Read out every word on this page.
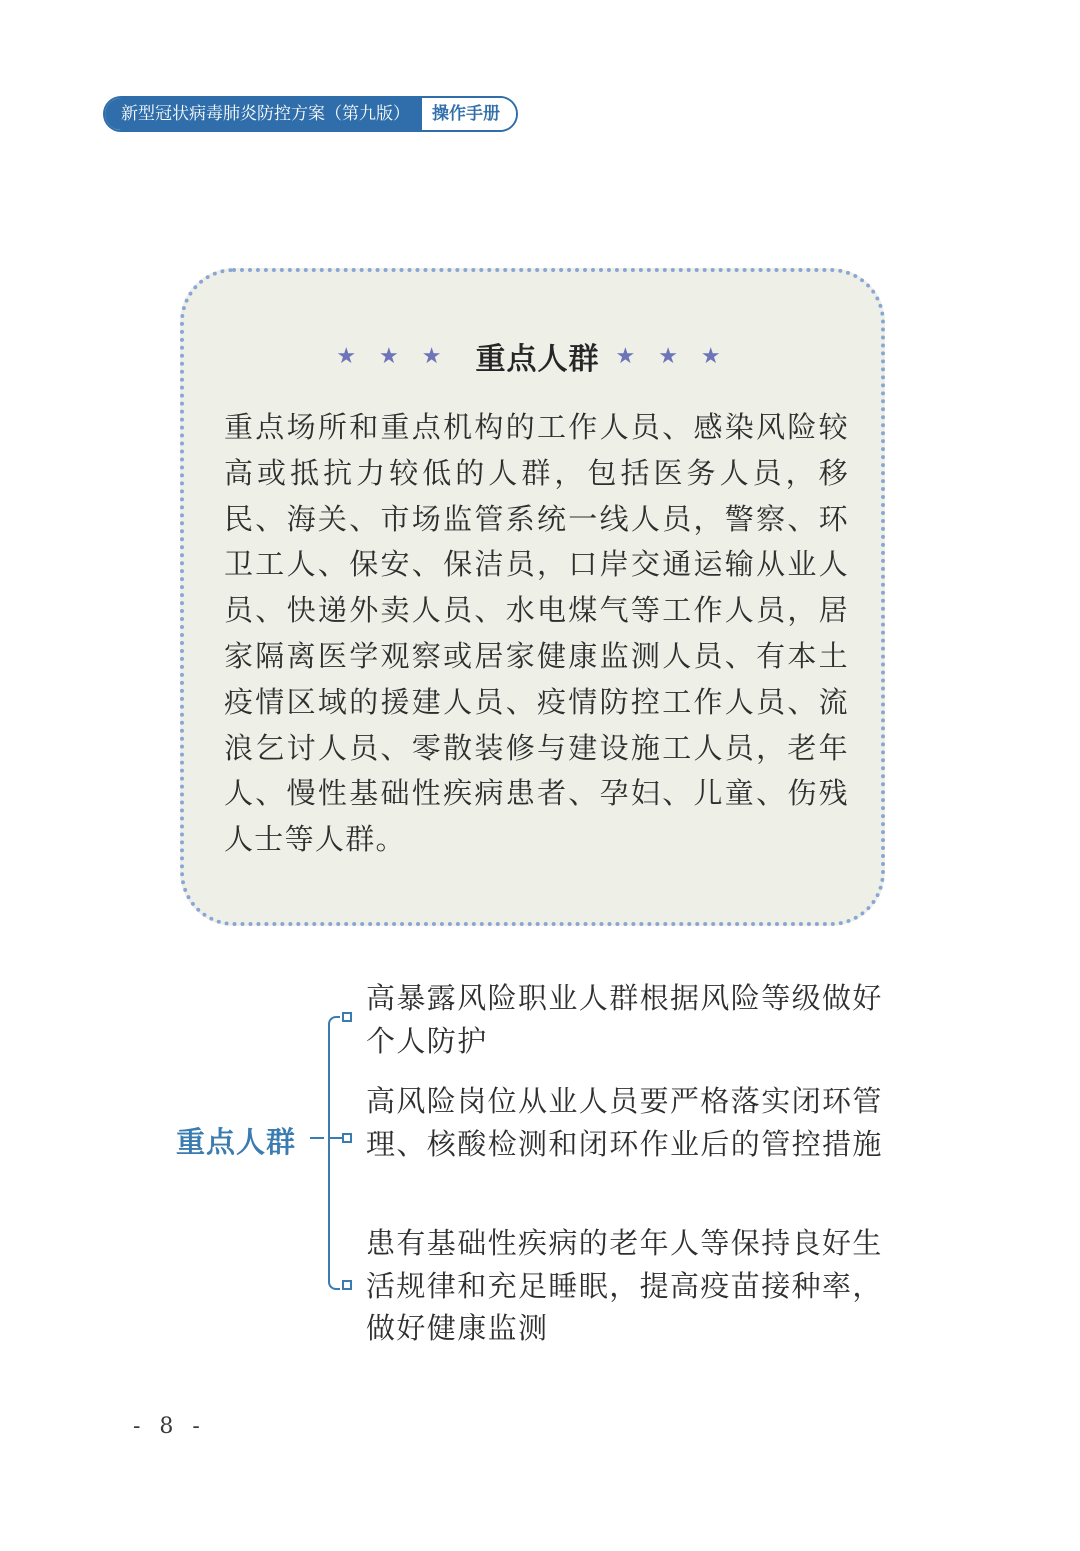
新型冠状病毒肺炎防控方案（第九版）	操作手册
★ ★ ★ 重点人群 ★ ★ ★

重点场所和重点机构的工作人员、感染风险较高或抵抗力较低的人群，包括医务人员，移民、海关、市场监管系统一线人员，警察、环卫工人、保安、保洁员，口岸交通运输从业人员、快递外卖人员、水电煤气等工作人员，居家隔离医学观察或居家健康监测人员、有本土疫情区域的援建人员、疫情防控工作人员、流浪乞讨人员、零散装修与建设施工人员，老年人、慢性基础性疾病患者、孕妇、儿童、伤残人士等人群。

重点人群

高暴露风险职业人群根据风险等级做好个人防护

高风险岗位从业人员要严格落实闭环管理、核酸检测和闭环作业后的管控措施

患有基础性疾病的老年人等保持良好生活规律和充足睡眠，提高疫苗接种率，做好健康监测

- 8 -
